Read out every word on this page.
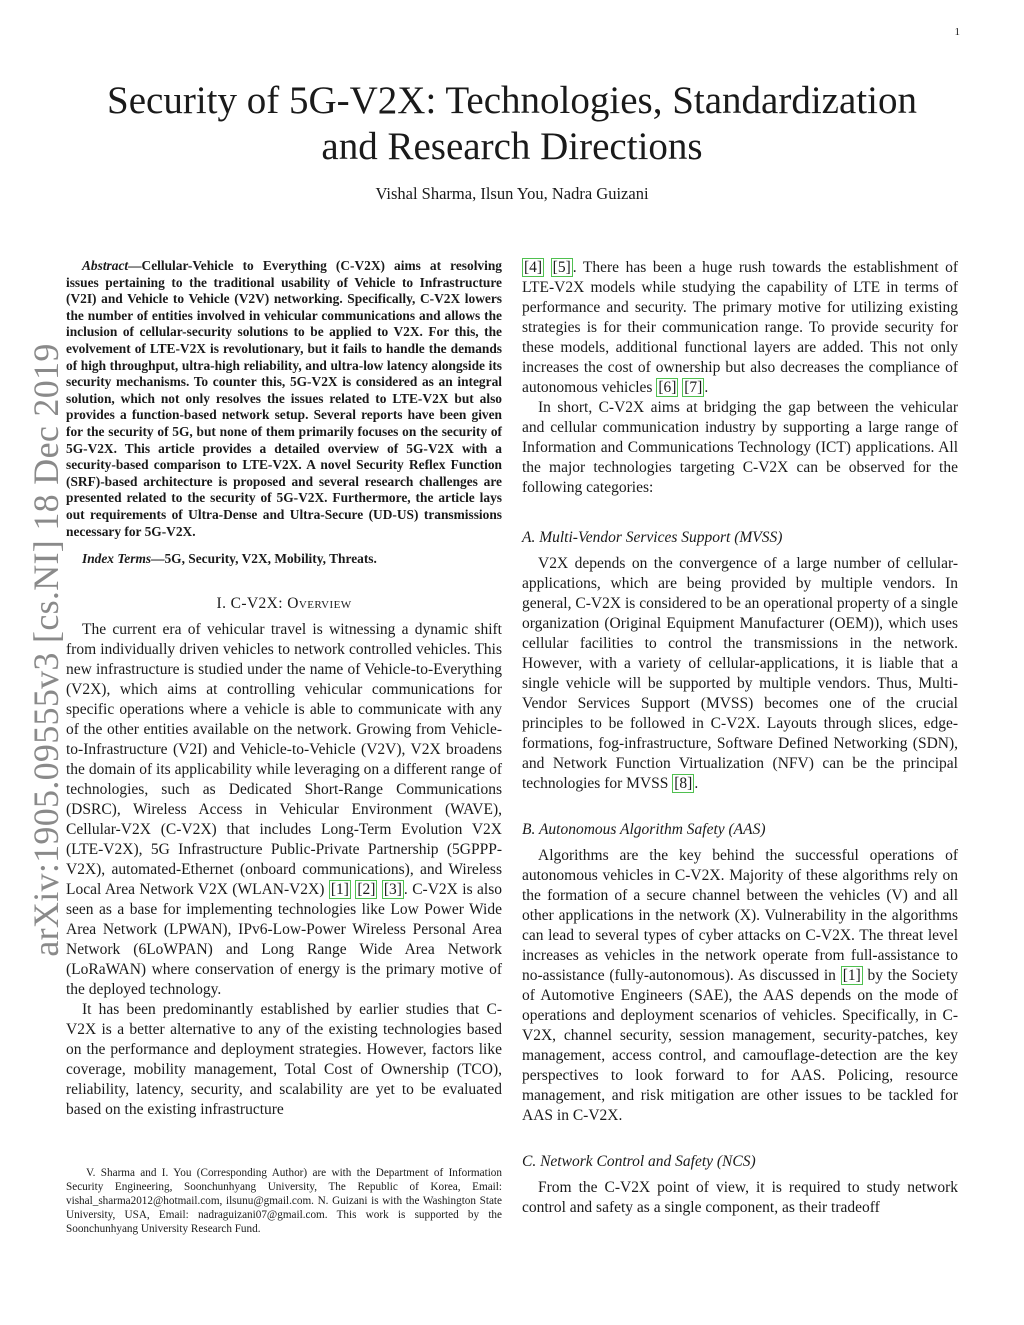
1
arXiv:1905.09555v3 [cs.NI] 18 Dec 2019
Security of 5G-V2X: Technologies, Standardization
and Research Directions
Vishal Sharma, Ilsun You, Nadra Guizani

Abstract—Cellular-Vehicle to Everything (C-V2X) aims at resolving issues pertaining to the traditional usability of Vehicle to Infrastructure (V2I) and Vehicle to Vehicle (V2V) networking. Specifically, C-V2X lowers the number of entities involved in vehicular communications and allows the inclusion of cellular-security solutions to be applied to V2X. For this, the evolvement of LTE-V2X is revolutionary, but it fails to handle the demands of high throughput, ultra-high reliability, and ultra-low latency alongside its security mechanisms. To counter this, 5G-V2X is considered as an integral solution, which not only resolves the issues related to LTE-V2X but also provides a function-based network setup. Several reports have been given for the security of 5G, but none of them primarily focuses on the security of 5G-V2X. This article provides a detailed overview of 5G-V2X with a security-based comparison to LTE-V2X. A novel Security Reflex Function (SRF)-based architecture is proposed and several research challenges are presented related to the security of 5G-V2X. Furthermore, the article lays out requirements of Ultra-Dense and Ultra-Secure (UD-US) transmissions necessary for 5G-V2X.

Index Terms—5G, Security, V2X, Mobility, Threats.

I. C-V2X: Overview

The current era of vehicular travel is witnessing a dynamic shift from individually driven vehicles to network controlled vehicles. This new infrastructure is studied under the name of Vehicle-to-Everything (V2X), which aims at controlling vehicular communications for specific operations where a vehicle is able to communicate with any of the other entities available on the network. Growing from Vehicle-to-Infrastructure (V2I) and Vehicle-to-Vehicle (V2V), V2X broadens the domain of its applicability while leveraging on a different range of technologies, such as Dedicated Short-Range Communications (DSRC), Wireless Access in Vehicular Environment (WAVE), Cellular-V2X (C-V2X) that includes Long-Term Evolution V2X (LTE-V2X), 5G Infrastructure Public-Private Partnership (5GPPP-V2X), automated-Ethernet (onboard communications), and Wireless Local Area Network V2X (WLAN-V2X) [1] [2] [3] . C-V2X is also seen as a base for implementing technologies like Low Power Wide Area Network (LPWAN), IPv6-Low-Power Wireless Personal Area Network (6LoWPAN) and Long Range Wide Area Network (LoRaWAN) where conservation of energy is the primary motive of the deployed technology.

It has been predominantly established by earlier studies that C-V2X is a better alternative to any of the existing technologies based on the performance and deployment strategies. However, factors like coverage, mobility management, Total Cost of Ownership (TCO), reliability, latency, security, and scalability are yet to be evaluated based on the existing infrastructure

V. Sharma and I. You (Corresponding Author) are with the Department of Information Security Engineering, Soonchunhyang University, The Republic of Korea, Email: vishal_sharma2012@hotmail.com, ilsunu@gmail.com. N. Guizani is with the Washington State University, USA, Email: nadraguizani07@gmail.com. This work is supported by the Soonchunhyang University Research Fund.

[4] [5] . There has been a huge rush towards the establishment of LTE-V2X models while studying the capability of LTE in terms of performance and security. The primary motive for utilizing existing strategies is for their communication range. To provide security for these models, additional functional layers are added. This not only increases the cost of ownership but also decreases the compliance of autonomous vehicles [6] [7] .

In short, C-V2X aims at bridging the gap between the vehicular and cellular communication industry by supporting a large range of Information and Communications Technology (ICT) applications. All the major technologies targeting C-V2X can be observed for the following categories:

A. Multi-Vendor Services Support (MVSS)

V2X depends on the convergence of a large number of cellular-applications, which are being provided by multiple vendors. In general, C-V2X is considered to be an operational property of a single organization (Original Equipment Manufacturer (OEM)), which uses cellular facilities to control the transmissions in the network. However, with a variety of cellular-applications, it is liable that a single vehicle will be supported by multiple vendors. Thus, Multi-Vendor Services Support (MVSS) becomes one of the crucial principles to be followed in C-V2X. Layouts through slices, edge-formations, fog-infrastructure, Software Defined Networking (SDN), and Network Function Virtualization (NFV) can be the principal technologies for MVSS [8] .

B. Autonomous Algorithm Safety (AAS)

Algorithms are the key behind the successful operations of autonomous vehicles in C-V2X. Majority of these algorithms rely on the formation of a secure channel between the vehicles (V) and all other applications in the network (X). Vulnerability in the algorithms can lead to several types of cyber attacks on C-V2X. The threat level increases as vehicles in the network operate from full-assistance to no-assistance (fully-autonomous). As discussed in [1] by the Society of Automotive Engineers (SAE), the AAS depends on the mode of operations and deployment scenarios of vehicles. Specifically, in C-V2X, channel security, session management, security-patches, key management, access control, and camouflage-detection are the key perspectives to look forward to for AAS. Policing, resource management, and risk mitigation are other issues to be tackled for AAS in C-V2X.

C. Network Control and Safety (NCS)

From the C-V2X point of view, it is required to study network control and safety as a single component, as their tradeoff
